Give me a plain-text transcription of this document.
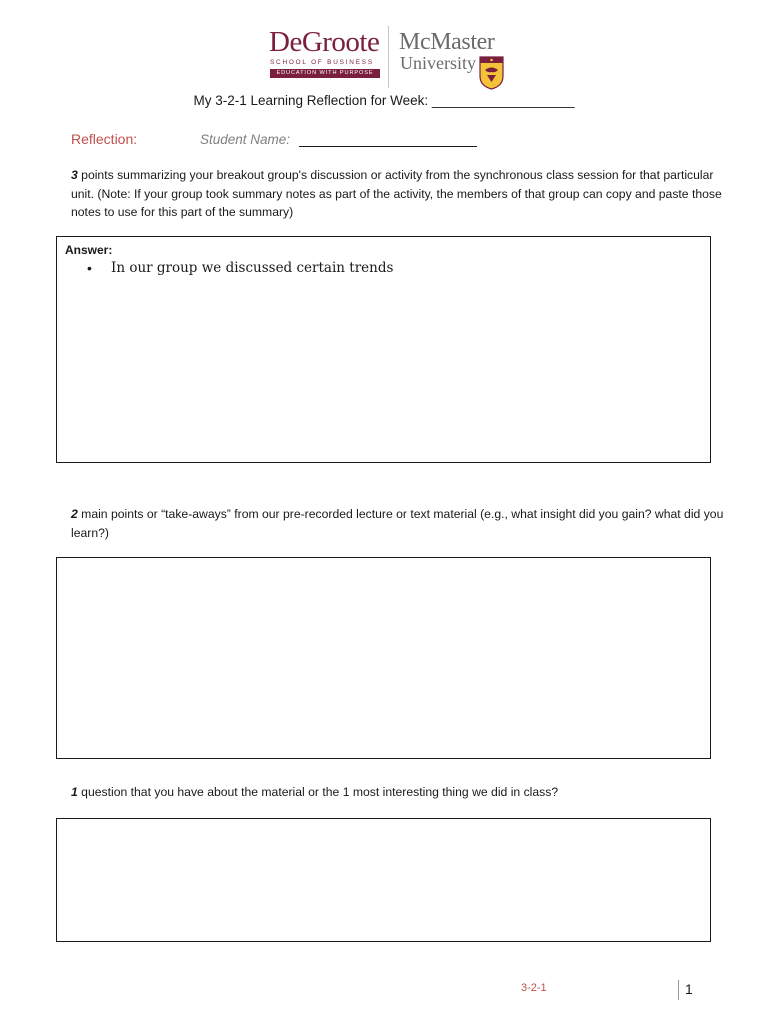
DeGroote
SCHOOL OF BUSINESS
EDUCATION WITH PURPOSE
McMaster
University
My 3-2-1 Learning Reflection for Week: ___________________
Reflection:	Student Name:
3 points summarizing your breakout group's discussion or activity from the synchronous class session for that particular unit. (Note: If your group took summary notes as part of the activity, the members of that group can copy and paste those notes to use for this part of the summary)
Answer:
• In our group we discussed certain trends
2 main points or “take-aways” from our pre-recorded lecture or text material (e.g., what insight did you gain? what did you learn?)
1 question that you have about the material or the 1 most interesting thing we did in class?
3-2-1	1
